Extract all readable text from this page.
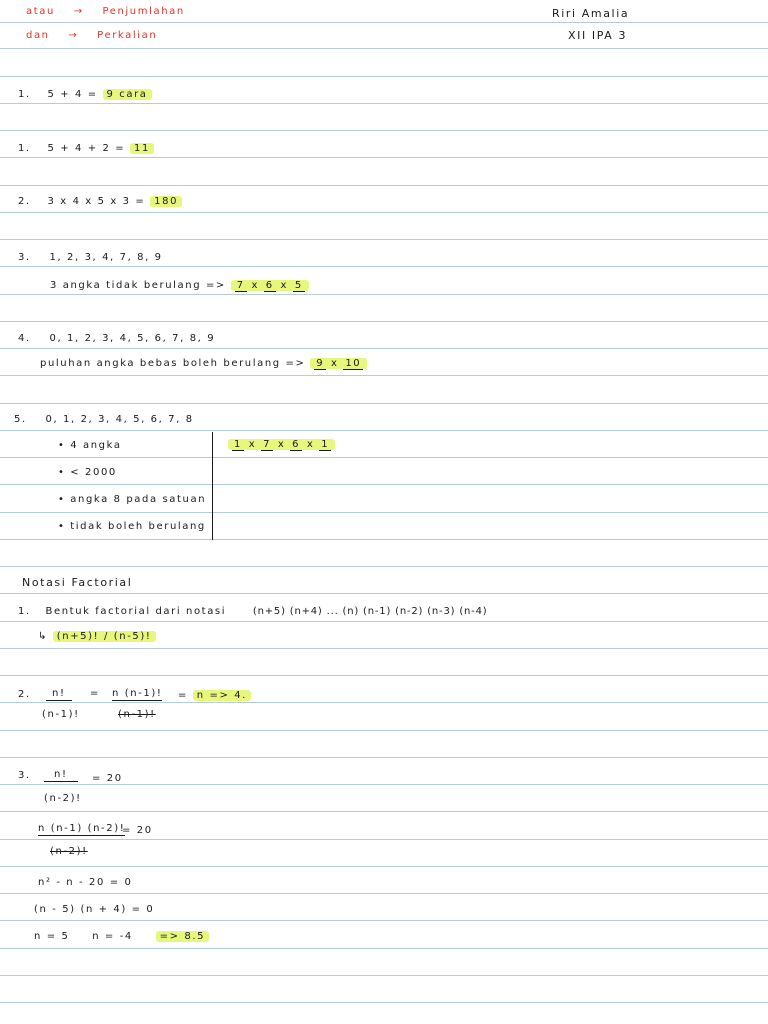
atau → Penjumlahan
dan → Perkalian
Riri Amalia
XII IPA 3
1. 5 + 4 = 9 cara
1. 5 + 4 + 2 = 11
2. 3 x 4 x 5 x 3 = 180
3. 1, 2, 3, 4, 7, 8, 9
3 angka tidak berulang => 7 x 6 x 5
4. 0, 1, 2, 3, 4, 5, 6, 7, 8, 9
puluhan angka bebas boleh berulang => 9 x 10
5. 0, 1, 2, 3, 4, 5, 6, 7, 8
• 4 angka
• < 2000
• angka 8 pada satuan
• tidak boleh berulang
1 x 7 x 6 x 1
Notasi Factorial
1. Bentuk factorial dari notasi	(n+5) (n+4) ... (n) (n-1) (n-2) (n-3) (n-4)
↳ (n+5)! / (n-5)!
2.	n!
(n-1)!
= n (n-1)!
(n-1)!
= n => 4.
3.	n!
(n-2)!
= 20
n (n-1) (n-2)!
(n-2)!
= 20
n² - n - 20 = 0
(n - 5) (n + 4) = 0
n = 5 n = -4	=> 8.5
